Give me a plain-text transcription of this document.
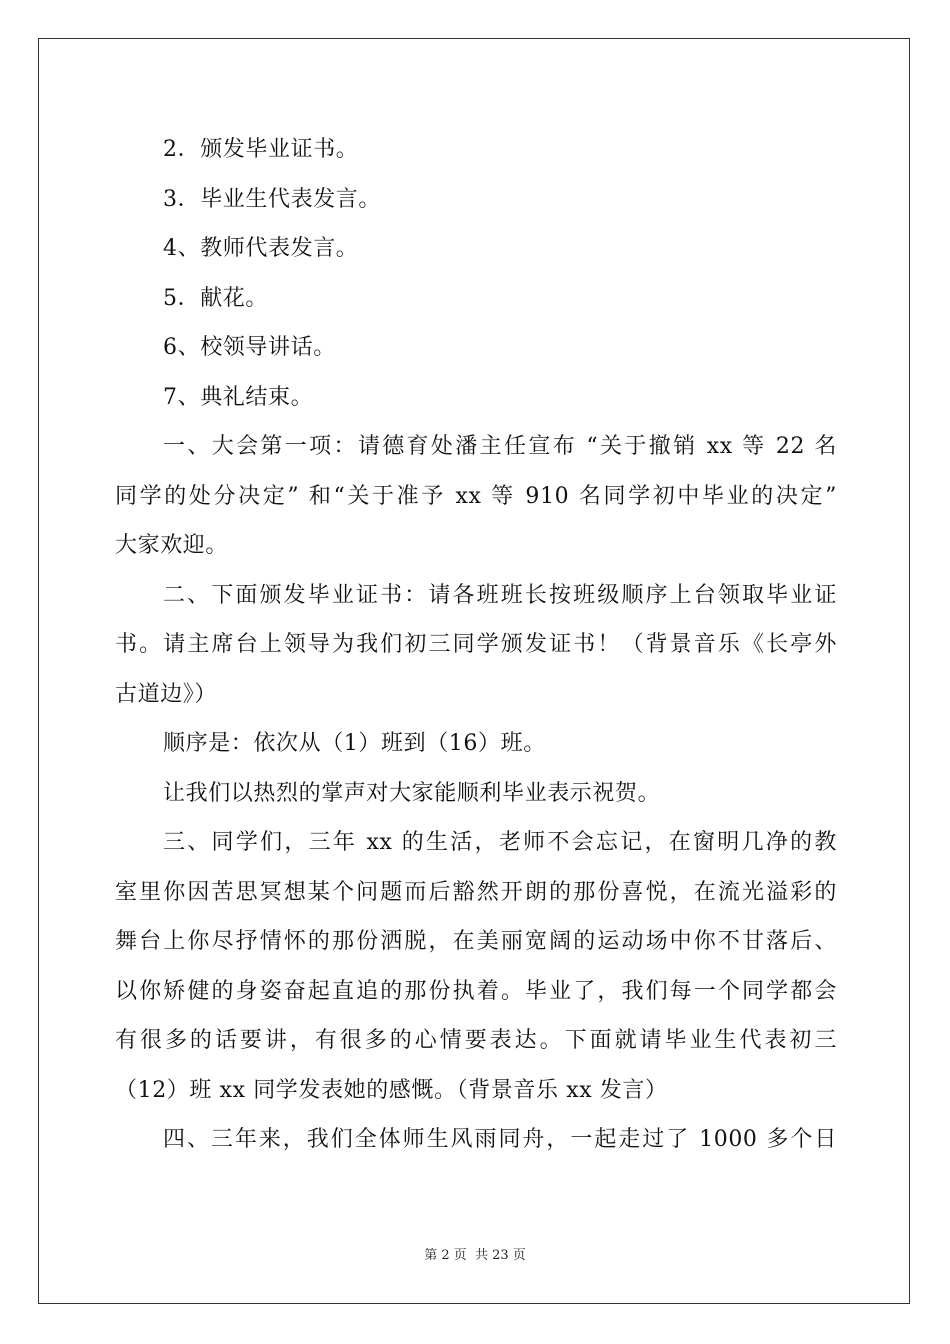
2．颁发毕业证书。
3．毕业生代表发言。
4、教师代表发言。
5．献花。
6、校领导讲话。
7、典礼结束。
一、大会第一项：请德育处潘主任宣布 “关于撤销 xx 等 22 名
同学的处分决定” 和“关于准予 xx 等 910 名同学初中毕业的决定”
大家欢迎。
二、下面颁发毕业证书：请各班班长按班级顺序上台领取毕业证
书。请主席台上领导为我们初三同学颁发证书！（背景音乐《长亭外
古道边》）
顺序是：依次从（1）班到（16）班。
让我们以热烈的掌声对大家能顺利毕业表示祝贺。
三、同学们，三年 xx 的生活，老师不会忘记，在窗明几净的教
室里你因苦思冥想某个问题而后豁然开朗的那份喜悦，在流光溢彩的
舞台上你尽抒情怀的那份洒脱，在美丽宽阔的运动场中你不甘落后、
以你矫健的身姿奋起直追的那份执着。毕业了，我们每一个同学都会
有很多的话要讲，有很多的心情要表达。下面就请毕业生代表初三
（12）班 xx 同学发表她的感慨。（背景音乐 xx 发言）
四、三年来，我们全体师生风雨同舟，一起走过了 1000 多个日
第 2 页 共 23 页
